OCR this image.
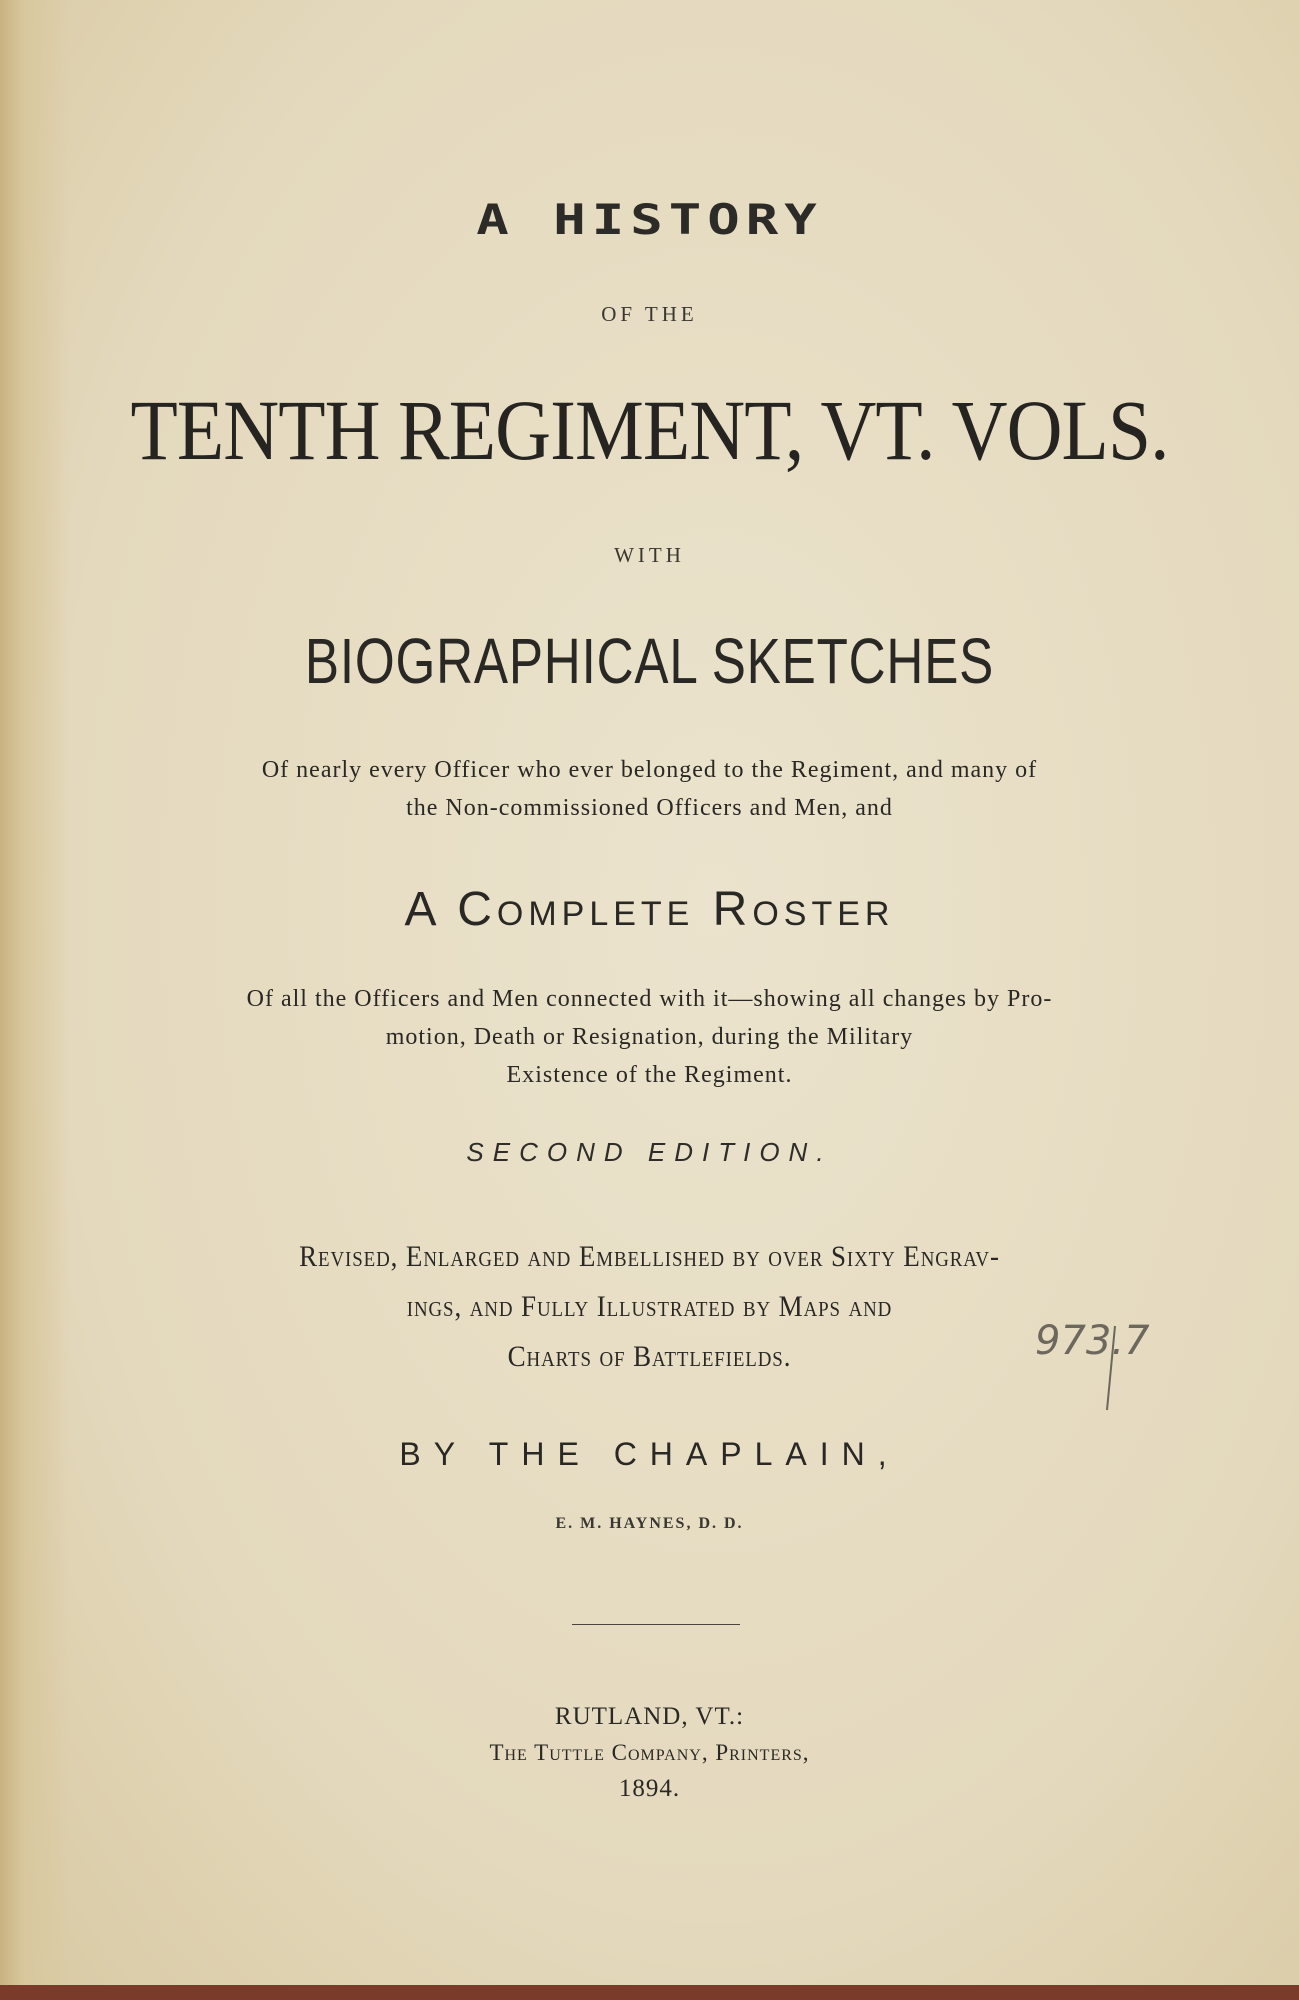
A HISTORY
OF THE
TENTH REGIMENT, VT. VOLS.
WITH
BIOGRAPHICAL SKETCHES
Of nearly every Officer who ever belonged to the Regiment, and many of
the Non-commissioned Officers and Men, and
A Complete Roster
Of all the Officers and Men connected with it—showing all changes by Pro-
motion, Death or Resignation, during the Military
Existence of the Regiment.
SECOND EDITION.
Revised, Enlarged and Embellished by over Sixty Engrav-
ings, and Fully Illustrated by Maps and
Charts of Battlefields.
BY THE CHAPLAIN,
E. M. HAYNES, D. D.
RUTLAND, VT.:
The Tuttle Company, Printers,
1894.
973.7
